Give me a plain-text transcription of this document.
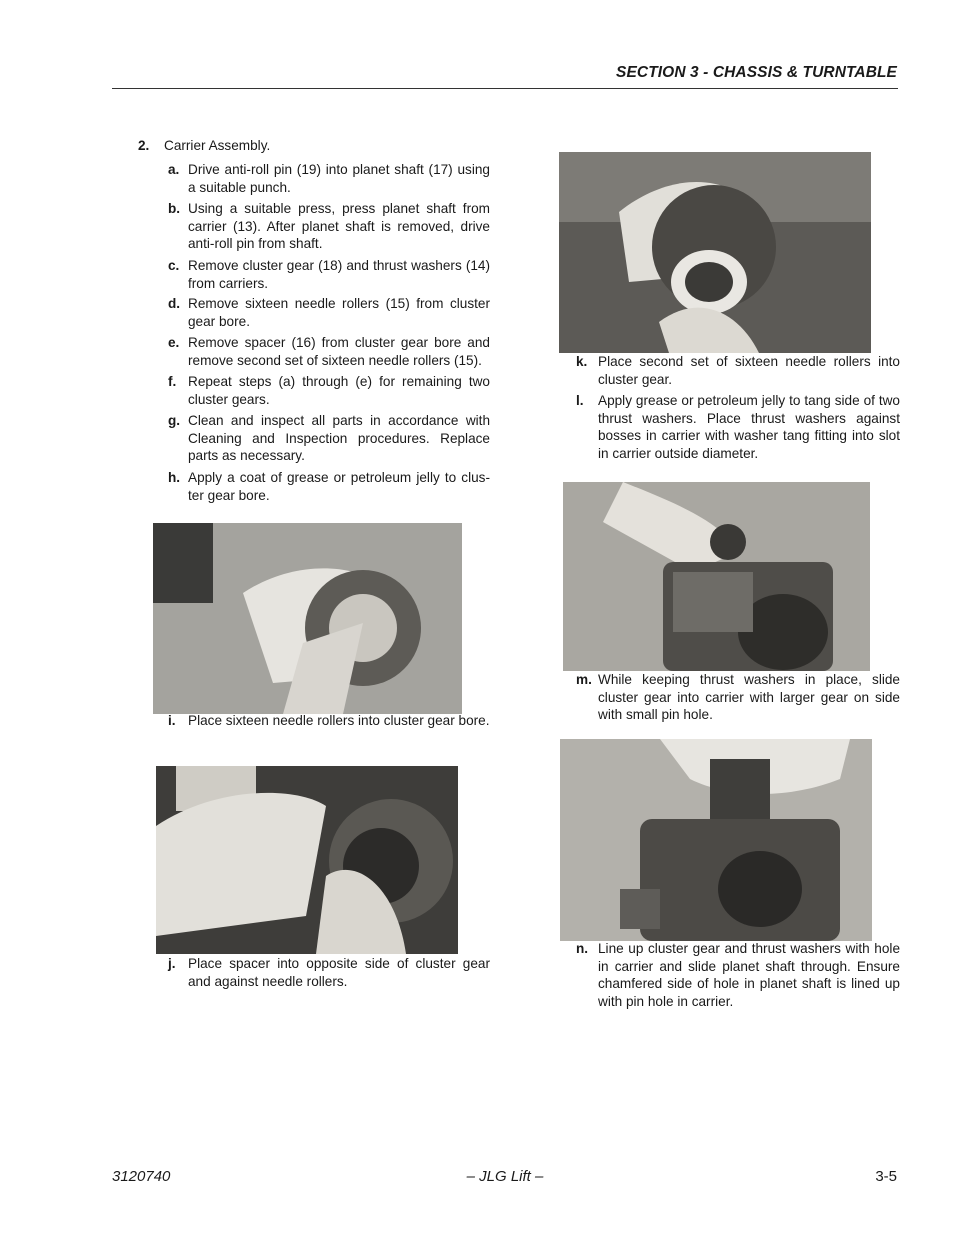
SECTION 3 - CHASSIS & TURNTABLE
2. Carrier Assembly.
a. Drive anti-roll pin (19) into planet shaft (17) using a suitable punch.
b. Using a suitable press, press planet shaft from carrier (13). After planet shaft is removed, drive anti-roll pin from shaft.
c. Remove cluster gear (18) and thrust washers (14) from carriers.
d. Remove sixteen needle rollers (15) from cluster gear bore.
e. Remove spacer (16) from cluster gear bore and remove second set of sixteen needle rollers (15).
f. Repeat steps (a) through (e) for remaining two cluster gears.
g. Clean and inspect all parts in accordance with Cleaning and Inspection procedures. Replace parts as necessary.
h. Apply a coat of grease or petroleum jelly to clus-ter gear bore.
i. Place sixteen needle rollers into cluster gear bore.
j. Place spacer into opposite side of cluster gear and against needle rollers.
k. Place second set of sixteen needle rollers into cluster gear.
l. Apply grease or petroleum jelly to tang side of two thrust washers. Place thrust washers against bosses in carrier with washer tang fitting into slot in carrier outside diameter.
m. While keeping thrust washers in place, slide cluster gear into carrier with larger gear on side with small pin hole.
n. Line up cluster gear and thrust washers with hole in carrier and slide planet shaft through. Ensure chamfered side of hole in planet shaft is lined up with pin hole in carrier.
3120740	– JLG Lift –	3-5
